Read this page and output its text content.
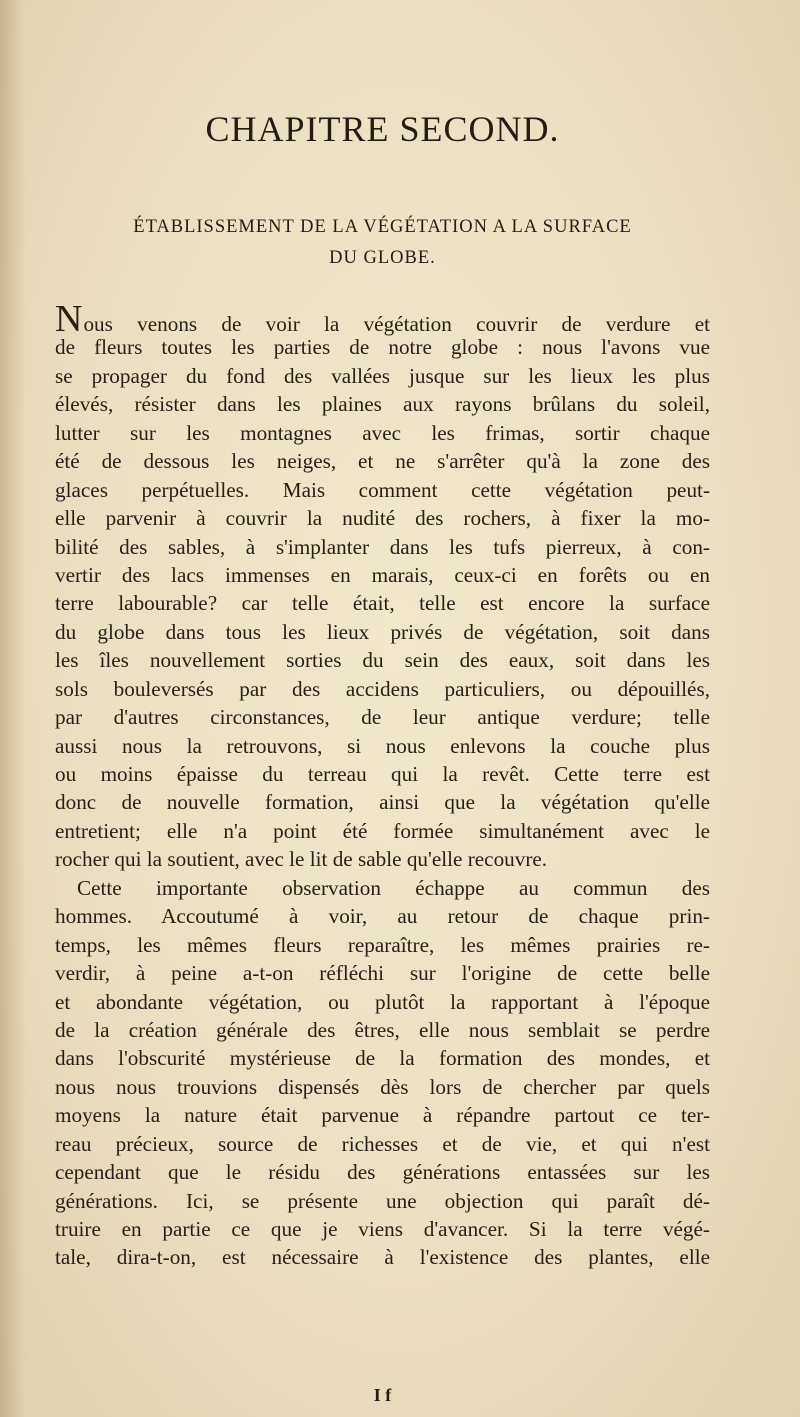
CHAPITRE SECOND.
ÉTABLISSEMENT DE LA VÉGÉTATION A LA SURFACE
DU GLOBE.
Nous venons de voir la végétation couvrir de verdure et
de fleurs toutes les parties de notre globe : nous l'avons vue
se propager du fond des vallées jusque sur les lieux les plus
élevés, résister dans les plaines aux rayons brûlans du soleil,
lutter sur les montagnes avec les frimas, sortir chaque
été de dessous les neiges, et ne s'arrêter qu'à la zone des
glaces perpétuelles. Mais comment cette végétation peut-
elle parvenir à couvrir la nudité des rochers, à fixer la mo-
bilité des sables, à s'implanter dans les tufs pierreux, à con-
vertir des lacs immenses en marais, ceux-ci en forêts ou en
terre labourable? car telle était, telle est encore la surface
du globe dans tous les lieux privés de végétation, soit dans
les îles nouvellement sorties du sein des eaux, soit dans les
sols bouleversés par des accidens particuliers, ou dépouillés,
par d'autres circonstances, de leur antique verdure; telle
aussi nous la retrouvons, si nous enlevons la couche plus
ou moins épaisse du terreau qui la revêt. Cette terre est
donc de nouvelle formation, ainsi que la végétation qu'elle
entretient; elle n'a point été formée simultanément avec le
rocher qui la soutient, avec le lit de sable qu'elle recouvre.
Cette importante observation échappe au commun des
hommes. Accoutumé à voir, au retour de chaque prin-
temps, les mêmes fleurs reparaître, les mêmes prairies re-
verdir, à peine a-t-on réfléchi sur l'origine de cette belle
et abondante végétation, ou plutôt la rapportant à l'époque
de la création générale des êtres, elle nous semblait se perdre
dans l'obscurité mystérieuse de la formation des mondes, et
nous nous trouvions dispensés dès lors de chercher par quels
moyens la nature était parvenue à répandre partout ce ter-
reau précieux, source de richesses et de vie, et qui n'est
cependant que le résidu des générations entassées sur les
générations. Ici, se présente une objection qui paraît dé-
truire en partie ce que je viens d'avancer. Si la terre végé-
tale, dira-t-on, est nécessaire à l'existence des plantes, elle
I f
